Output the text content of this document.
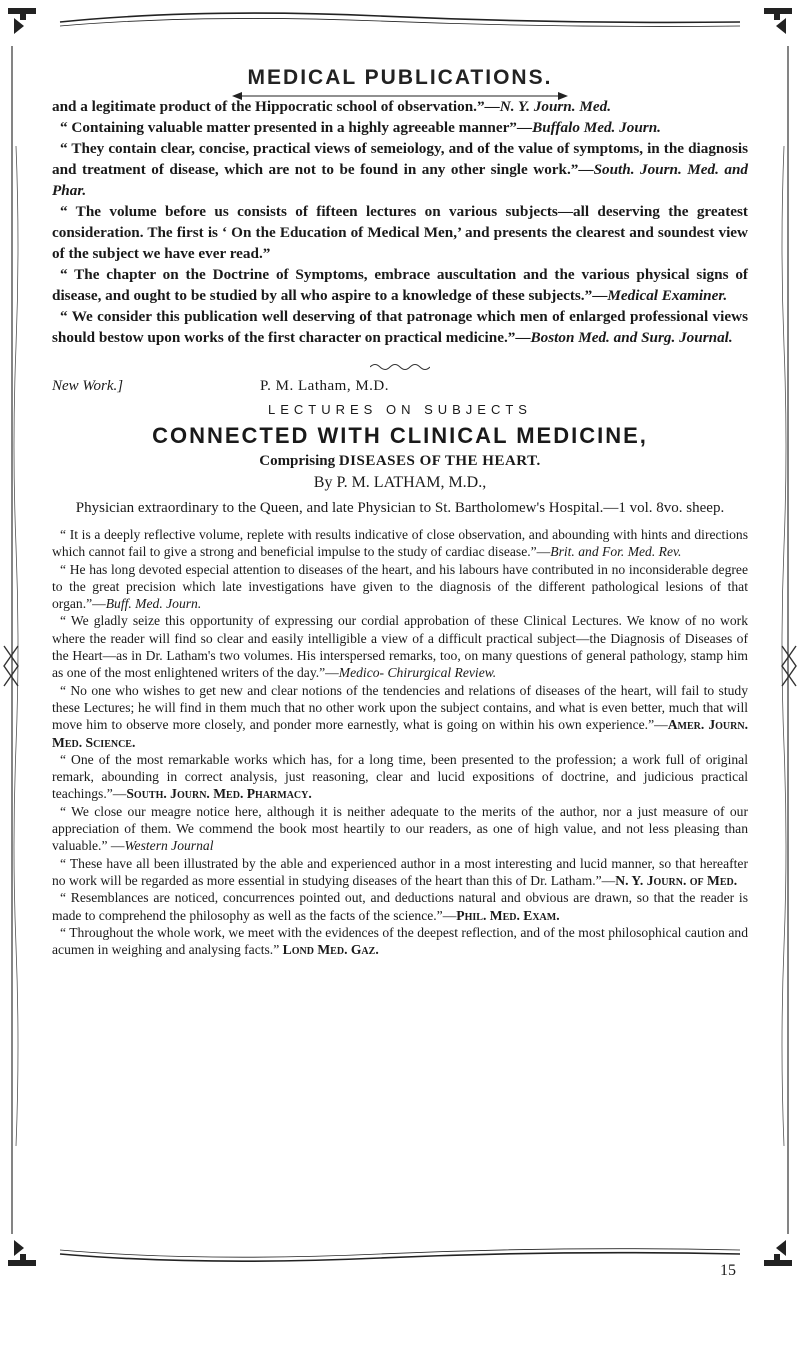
MEDICAL PUBLICATIONS.

and a legitimate product of the Hippocratic school of observation.”—N. Y. Journ. Med.

“ Containing valuable matter presented in a highly agreeable manner”—Buffalo Med. Journ.

“ They contain clear, concise, practical views of semeiology, and of the value of symptoms, in the diagnosis and treatment of disease, which are not to be found in any other single work.”—South. Journ. Med. and Phar.

“ The volume before us consists of fifteen lectures on various subjects—all deserving the greatest consideration. The first is ‘ On the Education of Medical Men,’ and presents the clearest and soundest view of the subject we have ever read.”

“ The chapter on the Doctrine of Symptoms, embrace auscultation and the various physical signs of disease, and ought to be studied by all who aspire to a knowledge of these subjects.”—Medical Examiner.

“ We consider this publication well deserving of that patronage which men of enlarged professional views should bestow upon works of the first character on practical medicine.”—Boston Med. and Surg. Journal.

New Work.]	P. M. Latham, M.D.
LECTURES ON SUBJECTS
CONNECTED WITH CLINICAL MEDICINE,
Comprising DISEASES OF THE HEART.
By P. M. LATHAM, M.D.,
Physician extraordinary to the Queen, and late Physician to St. Bartholomew's Hospital.—1 vol. 8vo. sheep.

“ It is a deeply reflective volume, replete with results indicative of close observation, and abounding with hints and directions which cannot fail to give a strong and beneficial impulse to the study of cardiac disease.”—Brit. and For. Med. Rev.

“ He has long devoted especial attention to diseases of the heart, and his labours have contributed in no inconsiderable degree to the great precision which late investigations have given to the diagnosis of the different pathological lesions of that organ.”—Buff. Med. Journ.

“ We gladly seize this opportunity of expressing our cordial approbation of these Clinical Lectures. We know of no work where the reader will find so clear and easily intelligible a view of a difficult practical subject—the Diagnosis of Diseases of the Heart—as in Dr. Latham's two volumes. His interspersed remarks, too, on many questions of general pathology, stamp him as one of the most enlightened writers of the day.”—Medico- Chirurgical Review.

“ No one who wishes to get new and clear notions of the tendencies and relations of diseases of the heart, will fail to study these Lectures; he will find in them much that no other work upon the subject contains, and what is even better, much that will move him to observe more closely, and ponder more earnestly, what is going on within his own experience.”—Amer. Journ. Med. Science.

“ One of the most remarkable works which has, for a long time, been presented to the profession; a work full of original remark, abounding in correct analysis, just reasoning, clear and lucid expositions of doctrine, and judicious practical teachings.”—South. Journ. Med. Pharmacy.

“ We close our meagre notice here, although it is neither adequate to the merits of the author, nor a just measure of our appreciation of them. We commend the book most heartily to our readers, as one of high value, and not less pleasing than valuable.” —Western Journal

“ These have all been illustrated by the able and experienced author in a most interesting and lucid manner, so that hereafter no work will be regarded as more essential in studying diseases of the heart than this of Dr. Latham.”—N. Y. Journ. of Med.

“ Resemblances are noticed, concurrences pointed out, and deductions natural and obvious are drawn, so that the reader is made to comprehend the philosophy as well as the facts of the science.”—Phil. Med. Exam.

“ Throughout the whole work, we meet with the evidences of the deepest reflection, and of the most philosophical caution and acumen in weighing and analysing facts.” Lond Med. Gaz.

15
